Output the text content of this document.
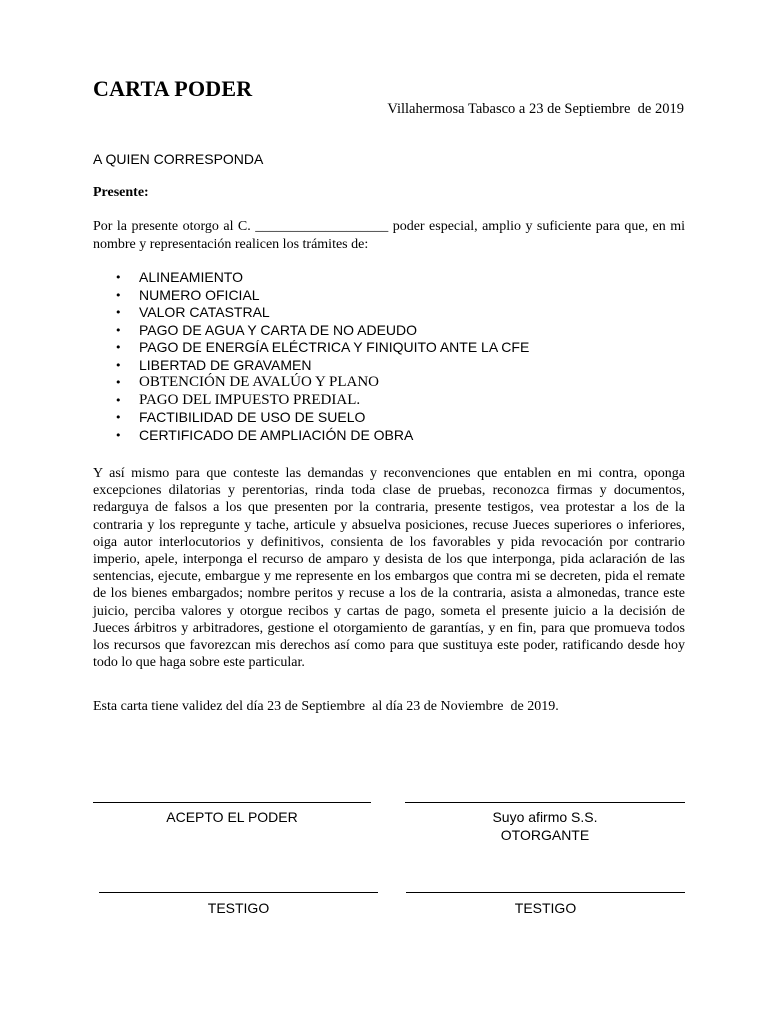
CARTA PODER
Villahermosa Tabasco a 23 de Septiembre  de 2019
A QUIEN CORRESPONDA
Presente:
Por la presente otorgo al C. ___________________ poder especial, amplio y suficiente para que, en mi nombre y representación realicen los trámites de:
• ALINEAMIENTO
• NUMERO OFICIAL
• VALOR CATASTRAL
• PAGO DE AGUA Y CARTA DE NO ADEUDO
• PAGO DE ENERGÍA ELÉCTRICA Y FINIQUITO ANTE LA CFE
• LIBERTAD DE GRAVAMEN
• OBTENCIÓN DE AVALÚO Y PLANO
• PAGO DEL IMPUESTO PREDIAL.
• FACTIBILIDAD DE USO DE SUELO
• CERTIFICADO DE AMPLIACIÓN DE OBRA
Y así mismo para que conteste las demandas y reconvenciones que entablen en mi contra, oponga excepciones dilatorias y perentorias, rinda toda clase de pruebas, reconozca firmas y documentos, redarguya de falsos a los que presenten por la contraria, presente testigos, vea protestar a los de la contraria y los repregunte y tache, articule y absuelva posiciones, recuse Jueces superiores o inferiores, oiga autor interlocutorios y definitivos, consienta de los favorables y pida revocación por contrario imperio, apele, interponga el recurso de amparo y desista de los que interponga, pida aclaración de las sentencias, ejecute, embargue y me represente en los embargos que contra mi se decreten, pida el remate de los bienes embargados; nombre peritos y recuse a los de la contraria, asista a almonedas, trance este juicio, perciba valores y otorgue recibos y cartas de pago, sometа el presente juicio a la decisión de Jueces árbitros y arbitradores, gestione el otorgamiento de garantías, y en fin, para que promueva todos los recursos que favorezcan mis derechos así como para que sustituya este poder, ratificando desde hoy todo lo que haga sobre este particular.
Esta carta tiene validez del día 23 de Septiembre  al día 23 de Noviembre  de 2019.
ACEPTO EL PODER	Suyo afirmo S.S.
OTORGANTE
TESTIGO	TESTIGO
